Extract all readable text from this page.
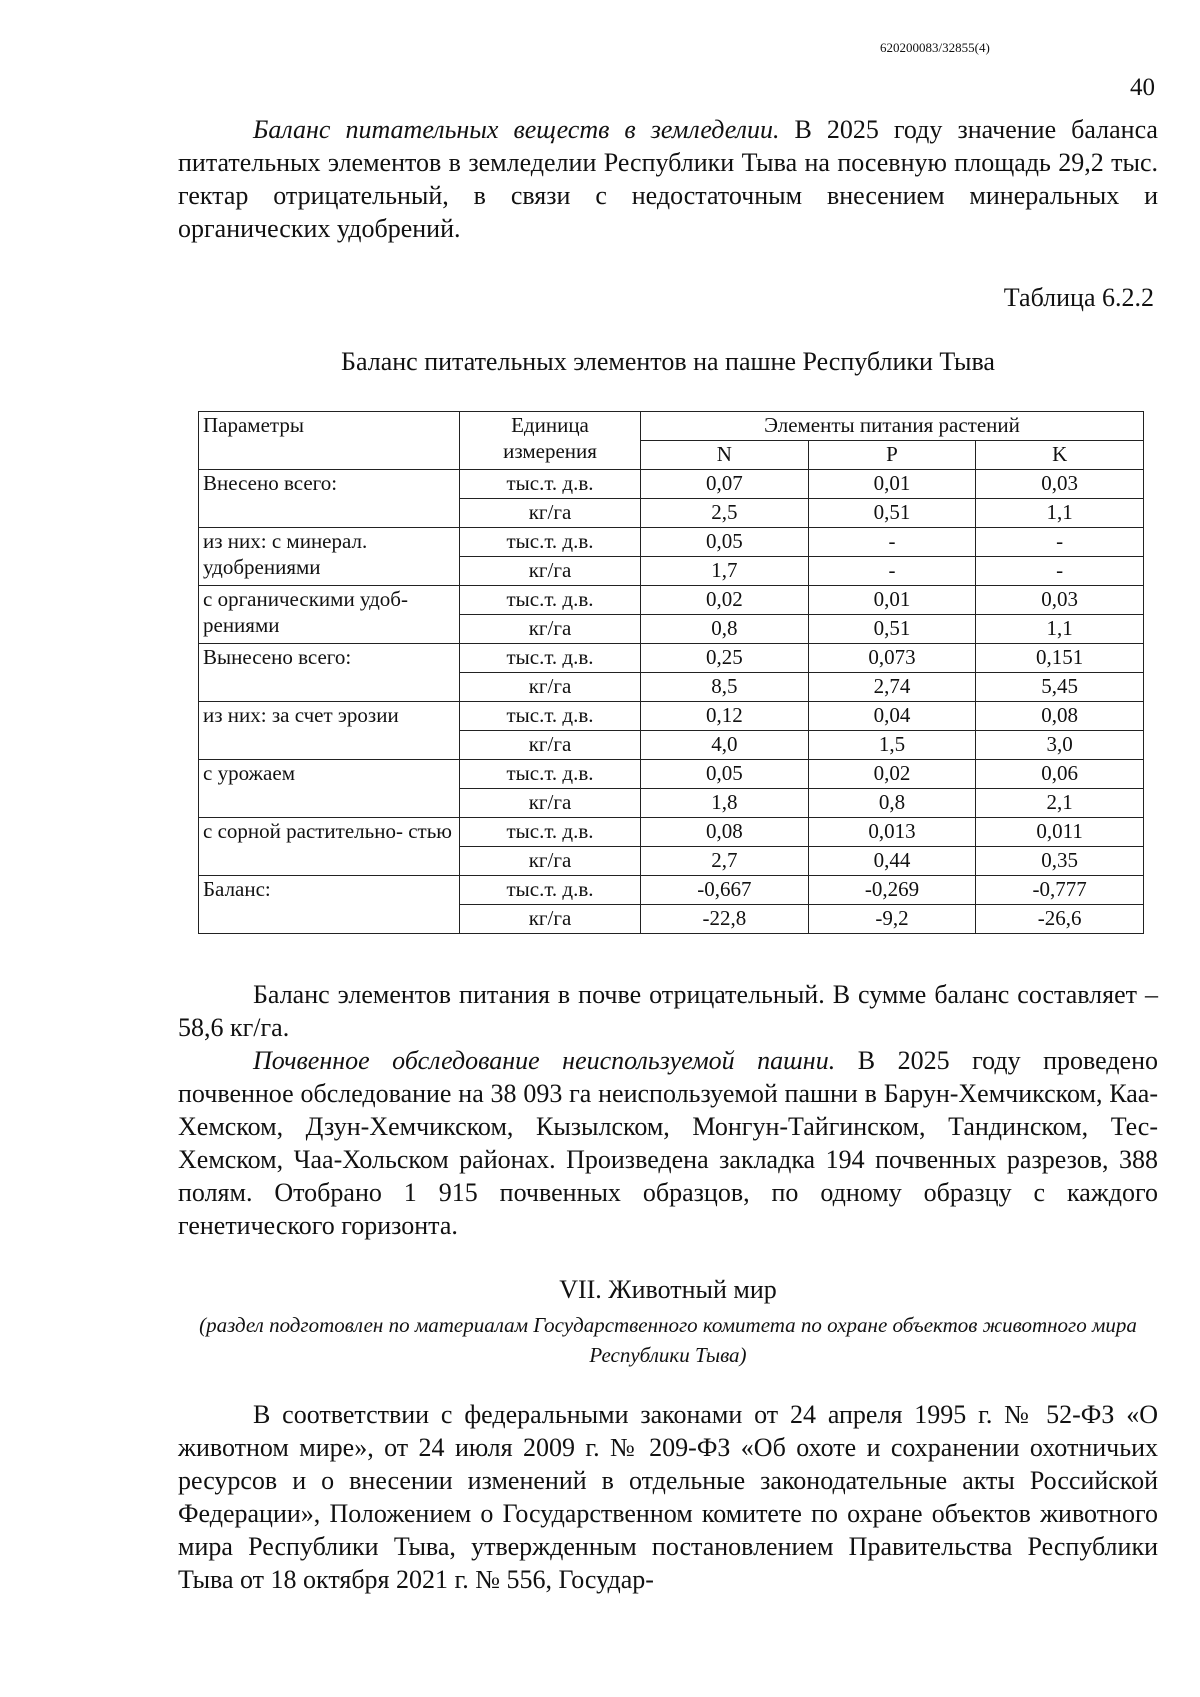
620200083/32855(4)
40

Баланс питательных веществ в земледелии. В 2025 году значение баланса питательных элементов в земледелии Республики Тыва на посевную площадь 29,2 тыс. гектар отрицательный, в связи с недостаточным внесением минеральных и органических удобрений.

Таблица 6.2.2
Баланс питательных элементов на пашне Республики Тыва
Параметры	Единица измерения	Элементы питания растений		
		N	P	K
Внесено всего:	тыс.т. д.в.	0,07	0,01	0,03
	кг/га	2,5	0,51	1,1
из них: с минерал. удобрениями	тыс.т. д.в.	0,05	-	-
	кг/га	1,7	-	-
с органическими удоб- рениями	тыс.т. д.в.	0,02	0,01	0,03
	кг/га	0,8	0,51	1,1
Вынесено всего:	тыс.т. д.в.	0,25	0,073	0,151
	кг/га	8,5	2,74	5,45
из них: за счет эрозии	тыс.т. д.в.	0,12	0,04	0,08
	кг/га	4,0	1,5	3,0
с урожаем	тыс.т. д.в.	0,05	0,02	0,06
	кг/га	1,8	0,8	2,1
с сорной растительно- стью	тыс.т. д.в.	0,08	0,013	0,011
	кг/га	2,7	0,44	0,35
Баланс:	тыс.т. д.в.	-0,667	-0,269	-0,777
	кг/га	-22,8	-9,2	-26,6

Баланс элементов питания в почве отрицательный. В сумме баланс составляет – 58,6 кг/га.

Почвенное обследование неиспользуемой пашни. В 2025 году проведено почвенное обследование на 38 093 га неиспользуемой пашни в Барун-Хемчикском, Каа-Хемском, Дзун-Хемчикском, Кызылском, Монгун-Тайгинском, Тандинском, Тес-Хемском, Чаа-Хольском районах. Произведена закладка 194 почвенных разрезов, 388 полям. Отобрано 1 915 почвенных образцов, по одному образцу с каждого генетического горизонта.

VII. Животный мир
(раздел подготовлен по материалам Государственного комитета по охране объектов животного мира Республики Тыва)

В соответствии с федеральными законами от 24 апреля 1995 г. № 52-ФЗ «О животном мире», от 24 июля 2009 г. № 209-ФЗ «Об охоте и сохранении охотничьих ресурсов и о внесении изменений в отдельные законодательные акты Российской Федерации», Положением о Государственном комитете по охране объектов животного мира Республики Тыва, утвержденным постановлением Правительства Республики Тыва от 18 октября 2021 г. № 556, Государ-
